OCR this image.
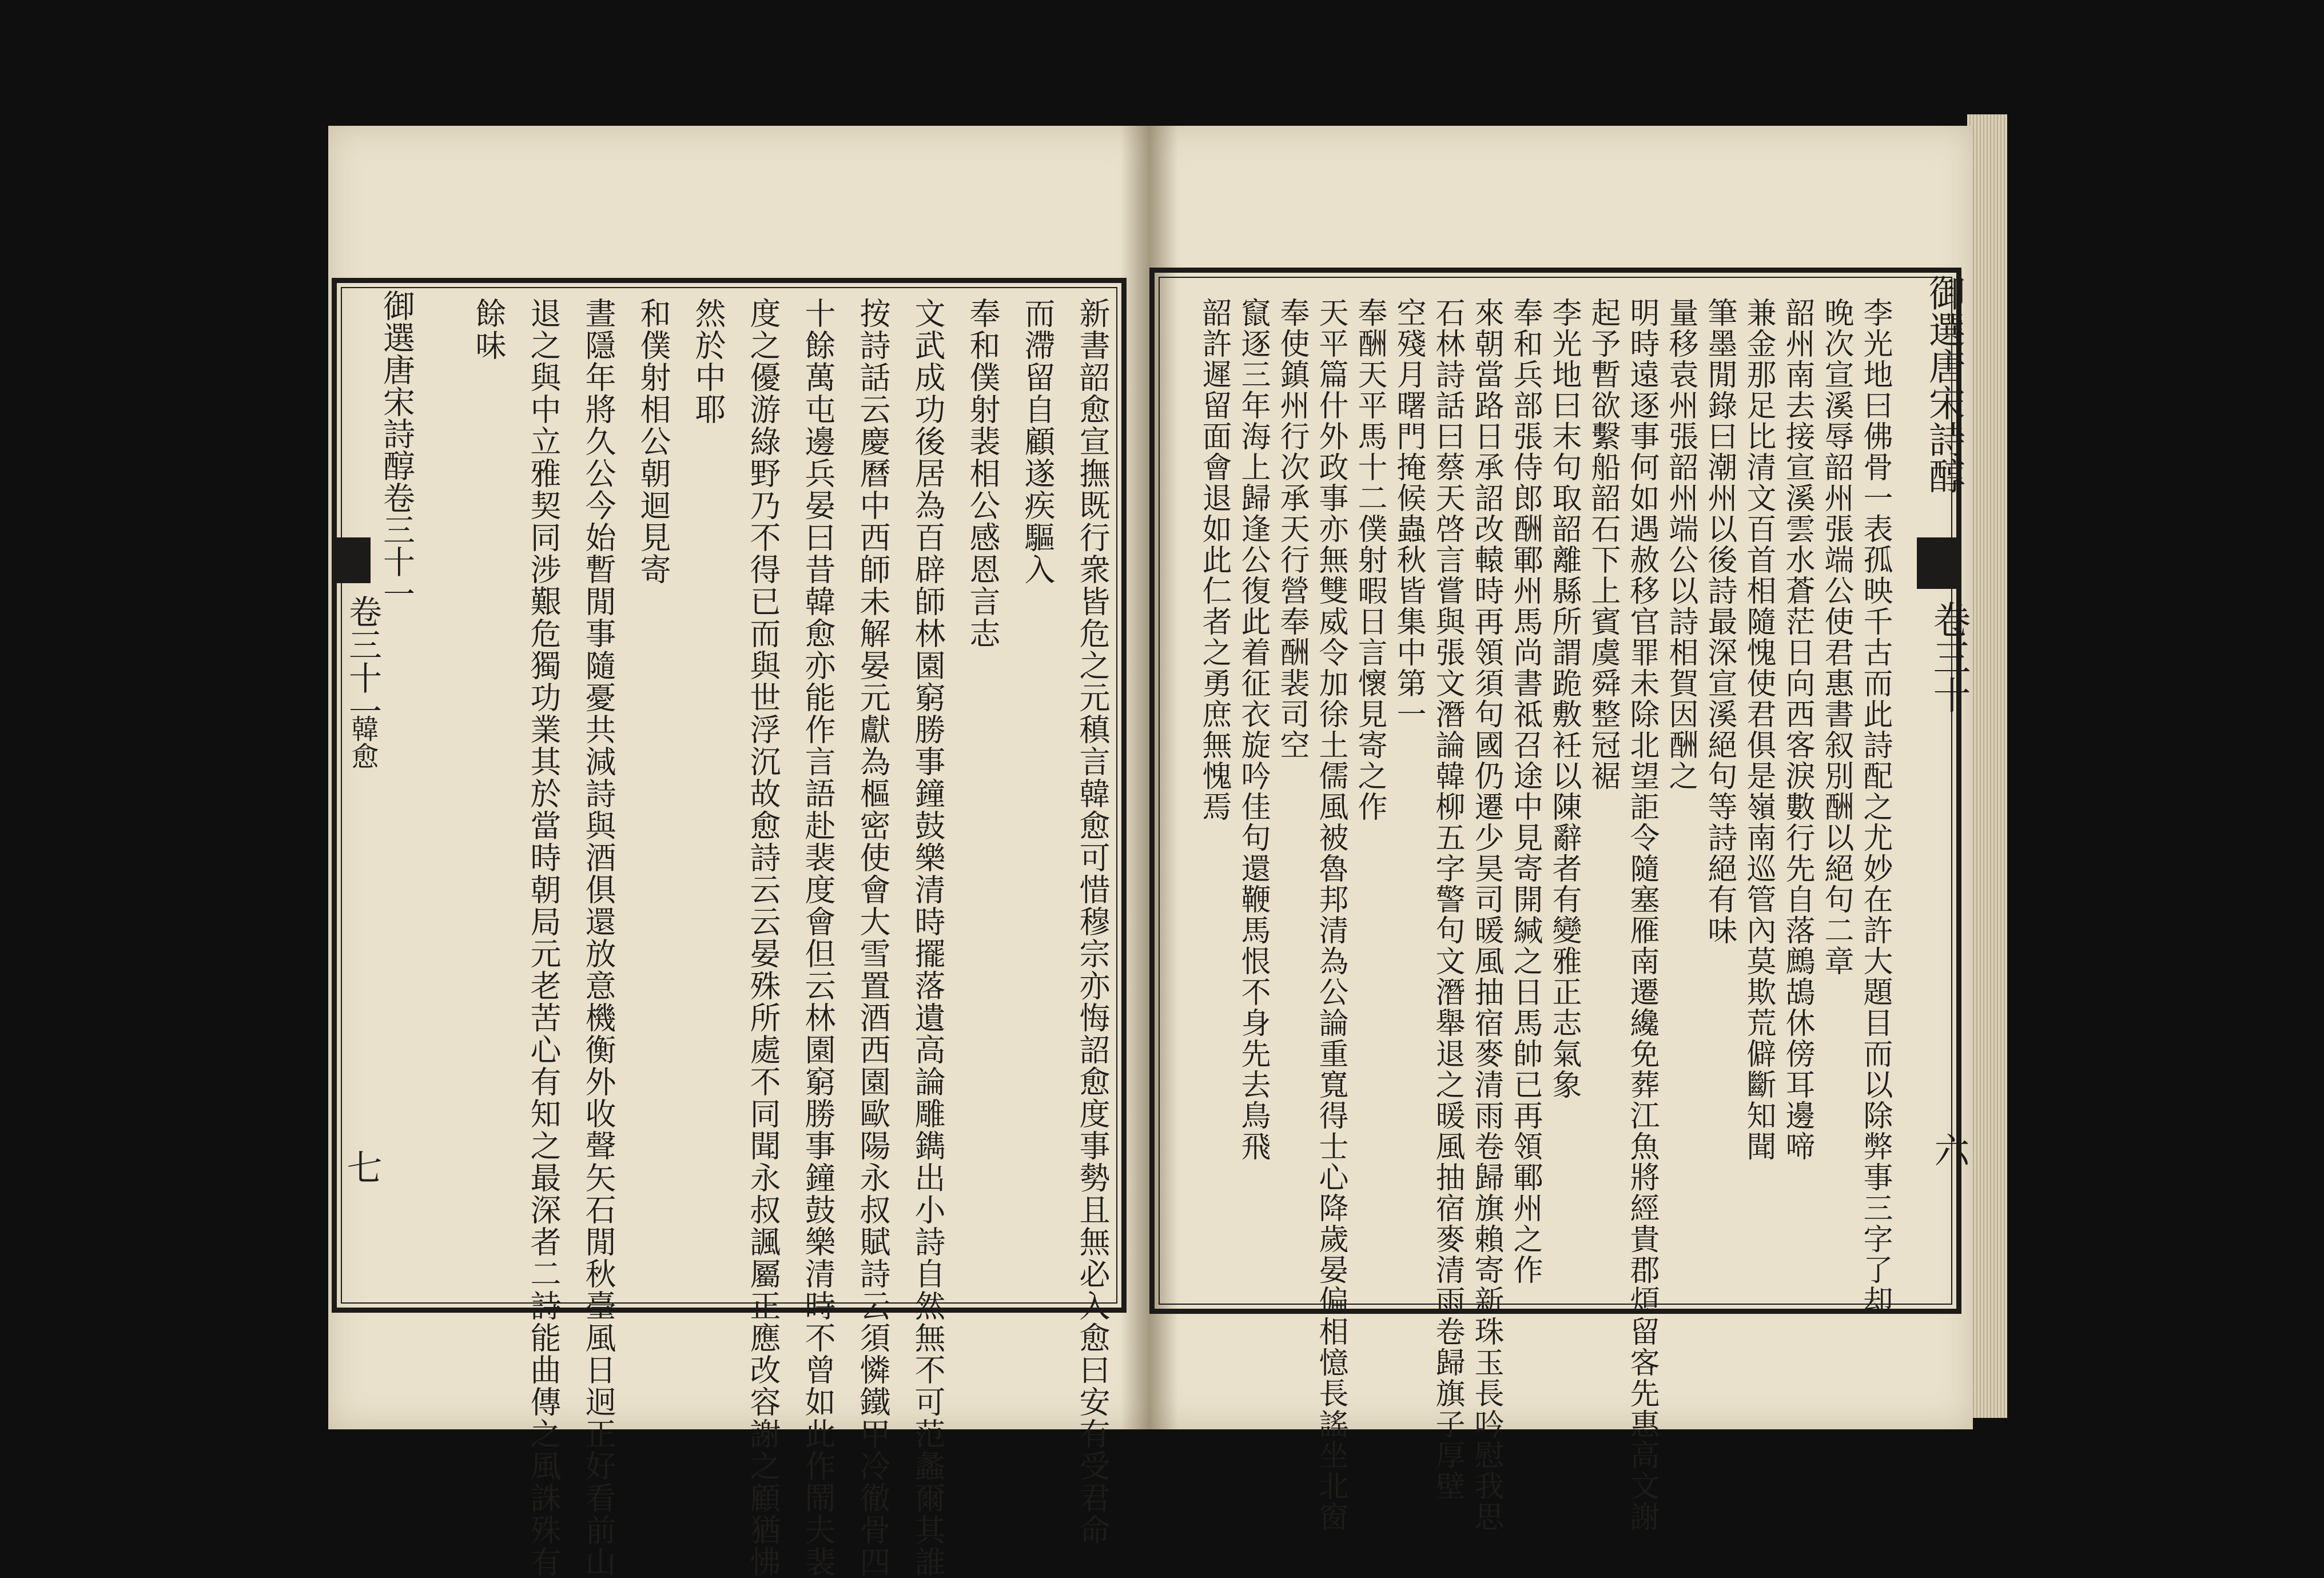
御選唐宋詩醇卷三十一
卷三十一
韓愈
七	新書韶愈宣撫既行衆皆危之元稹言韓愈可惜穆宗亦悔詔愈度事勢且無必入愈曰安有受君命
而滯留自顧遂疾驅入
奉和僕射裴相公感恩言志
文武成功後居為百辟師林園窮勝事鐘鼓樂清時擺落遺高論雕鐫出小詩自然無不可范蠡爾其誰
按詩話云慶曆中西師未解晏元獻為樞密使會大雪置酒西園歐陽永叔賦詩云須憐鐵甲冷徹骨四
十餘萬屯邊兵晏曰昔韓愈亦能作言語赴裴度會但云林園窮勝事鐘鼓樂清時不曾如此作鬧夫裴
度之優游綠野乃不得已而與世浮沉故愈詩云云晏殊所處不同聞永叔諷屬正應改容謝之顧猶怫
然於中耶
和僕射相公朝迴見寄
晝隱年將久公今始暫閒事隨憂共減詩與酒俱還放意機衡外收聲矢石閒秋臺風日迥正好看前山
退之與中立雅契同涉艱危獨功業其於當時朝局元老苦心有知之最深者二詩能曲傳之風誅殊有
餘味	御選唐宋詩醇
卷三十
六
李光地曰佛骨一表孤映千古而此詩配之尤妙在許大題目而以除弊事三字了却
晚次宣溪辱韶州張端公使君惠書叙別酬以絕句二章
韶州南去接宣溪雲水蒼茫日向西客淚數行先自落鷓鴣休傍耳邊啼
兼金那足比清文百首相隨愧使君俱是嶺南巡管內莫欺荒僻斷知聞
筆墨閒錄曰潮州以後詩最深宣溪絕句等詩絕有味
量移袁州張韶州端公以詩相賀因酬之
明時遠逐事何如遇赦移官罪未除北望詎令隨塞雁南遷纔免葬江魚將經貴郡煩留客先惠高文謝
起予暫欲繫船韶石下上賓虞舜整冠裾
李光地曰末句取韶離縣所謂跪敷衽以陳辭者有變雅正志氣象
奉和兵部張侍郎酬鄆州馬尚書祗召途中見寄開緘之日馬帥已再領鄆州之作
來朝當路日承詔改轅時再領須句國仍遷少昊司暖風抽宿麥清雨卷歸旗賴寄新珠玉長吟慰我思
石林詩話曰蔡天啓言嘗與張文潛論韓柳五字警句文潛舉退之暖風抽宿麥清雨卷歸旗子厚壁
空殘月曙門掩候蟲秋皆集中第一
奉酬天平馬十二僕射暇日言懷見寄之作
天平篇什外政事亦無雙威令加徐土儒風被魯邦清為公論重寬得士心降歲晏偏相憶長謠坐北窗
奉使鎮州行次承天行營奉酬裴司空
竄逐三年海上歸逢公復此着征衣旋吟佳句還鞭馬恨不身先去鳥飛
韶許遲留面會退如此仁者之勇庶無愧焉
